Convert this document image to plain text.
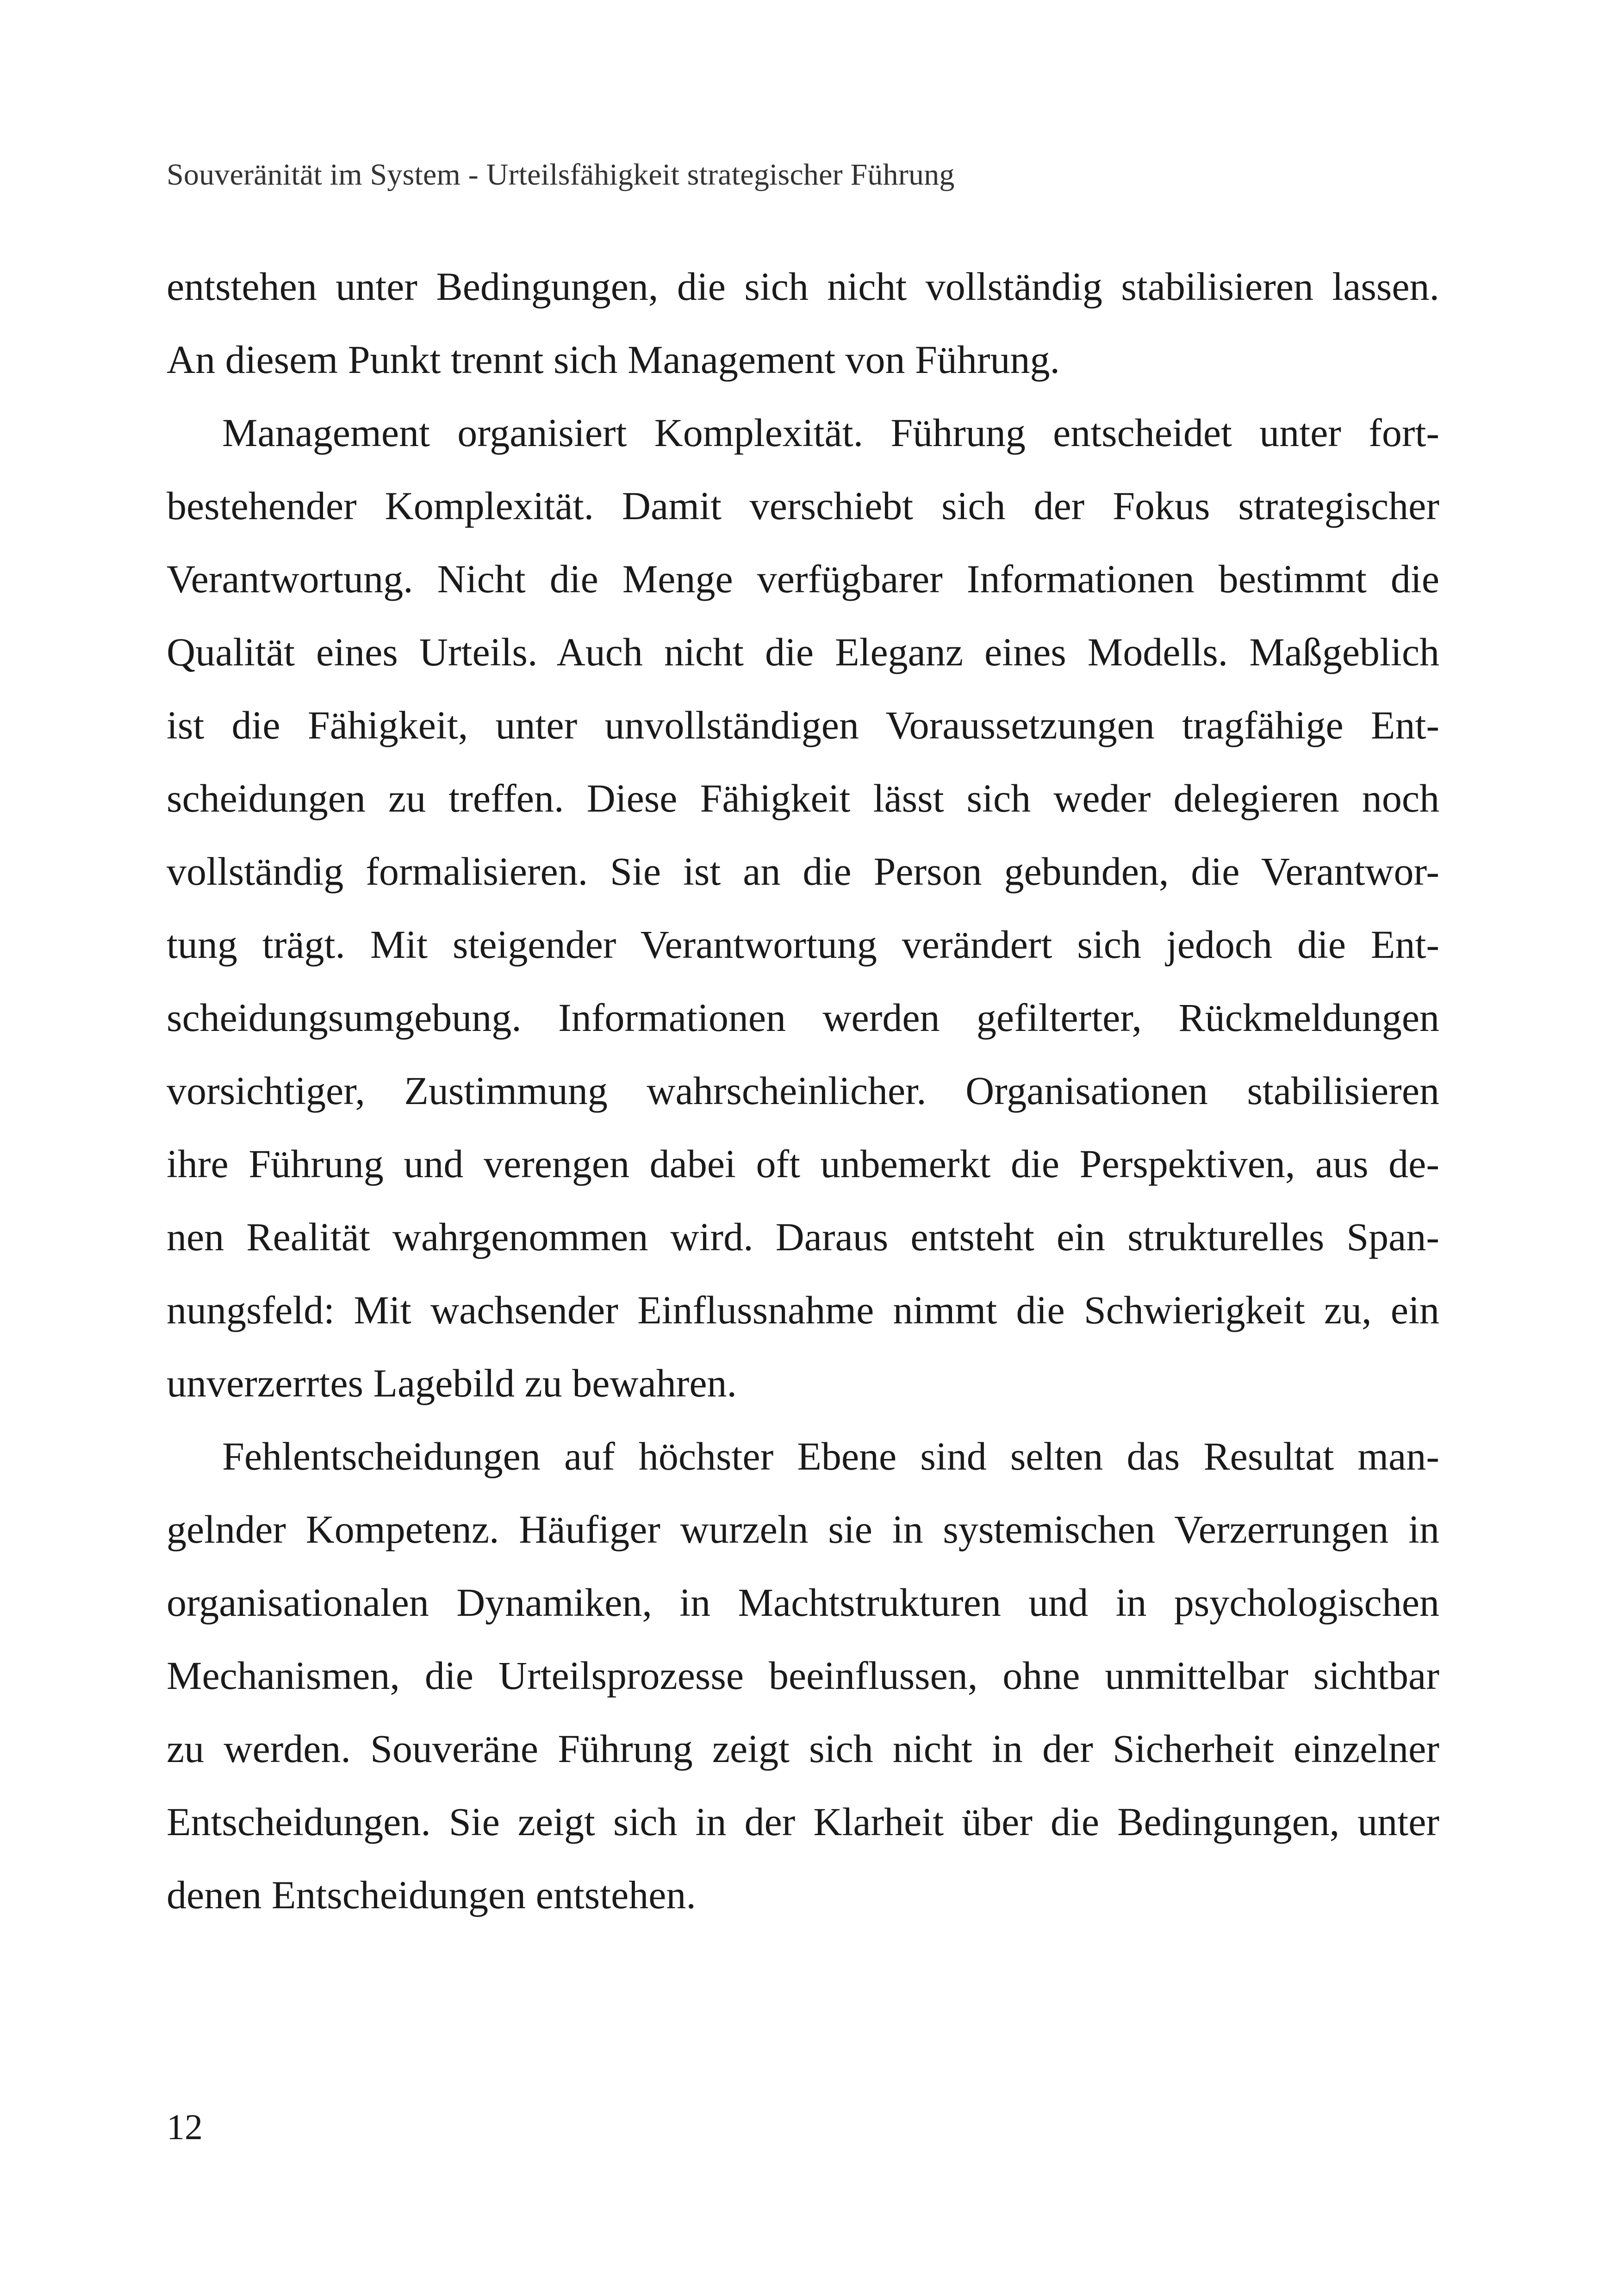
Souveränität im System - Urteilsfähigkeit strategischer Führung
entstehen unter Bedingungen, die sich nicht vollständig stabilisieren lassen.
An diesem Punkt trennt sich Management von Führung.
Management organisiert Komplexität. Führung entscheidet unter fort-
bestehender Komplexität. Damit verschiebt sich der Fokus strategischer
Verantwortung. Nicht die Menge verfügbarer Informationen bestimmt die
Qualität eines Urteils. Auch nicht die Eleganz eines Modells. Maßgeblich
ist die Fähigkeit, unter unvollständigen Voraussetzungen tragfähige Ent-
scheidungen zu treffen. Diese Fähigkeit lässt sich weder delegieren noch
vollständig formalisieren. Sie ist an die Person gebunden, die Verantwor-
tung trägt. Mit steigender Verantwortung verändert sich jedoch die Ent-
scheidungsumgebung. Informationen werden gefilterter, Rückmeldungen
vorsichtiger, Zustimmung wahrscheinlicher. Organisationen stabilisieren
ihre Führung und verengen dabei oft unbemerkt die Perspektiven, aus de-
nen Realität wahrgenommen wird. Daraus entsteht ein strukturelles Span-
nungsfeld: Mit wachsender Einflussnahme nimmt die Schwierigkeit zu, ein
unverzerrtes Lagebild zu bewahren.
Fehlentscheidungen auf höchster Ebene sind selten das Resultat man-
gelnder Kompetenz. Häufiger wurzeln sie in systemischen Verzerrungen in
organisationalen Dynamiken, in Machtstrukturen und in psychologischen
Mechanismen, die Urteilsprozesse beeinflussen, ohne unmittelbar sichtbar
zu werden. Souveräne Führung zeigt sich nicht in der Sicherheit einzelner
Entscheidungen. Sie zeigt sich in der Klarheit über die Bedingungen, unter
denen Entscheidungen entstehen.
12
